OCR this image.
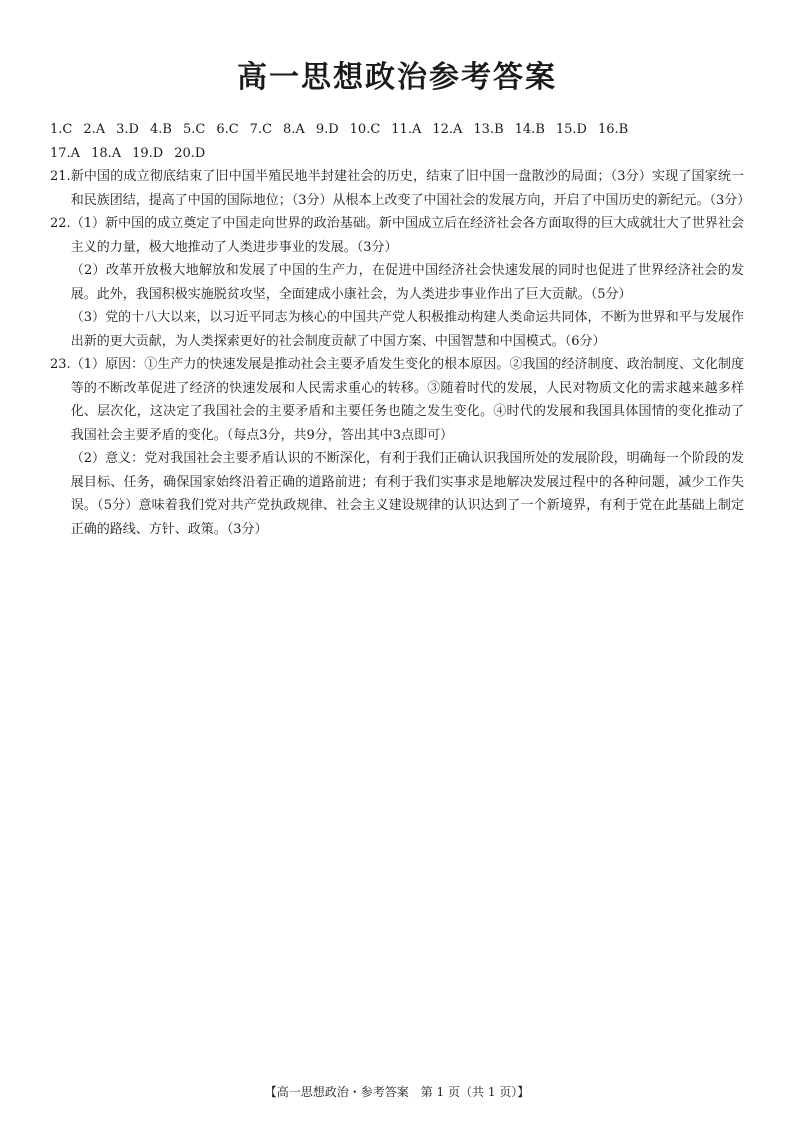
高一思想政治参考答案
1.C 2.A 3.D 4.B 5.C 6.C 7.C 8.A 9.D 10.C 11.A 12.A 13.B 14.B 15.D 16.B
17.A 18.A 19.D 20.D
21. 新中国的成立彻底结束了旧中国半殖民地半封建社会的历史，结束了旧中国一盘散沙的局面；（3分）实现了国家统一和民族团结，提高了中国的国际地位；（3分）从根本上改变了中国社会的发展方向，开启了中国历史的新纪元。（3分）

22. （1）新中国的成立奠定了中国走向世界的政治基础。新中国成立后在经济社会各方面取得的巨大成就壮大了世界社会主义的力量，极大地推动了人类进步事业的发展。（3分）

（2）改革开放极大地解放和发展了中国的生产力，在促进中国经济社会快速发展的同时也促进了世界经济社会的发展。此外，我国积极实施脱贫攻坚，全面建成小康社会，为人类进步事业作出了巨大贡献。（5分）

（3）党的十八大以来，以习近平同志为核心的中国共产党人积极推动构建人类命运共同体，不断为世界和平与发展作出新的更大贡献，为人类探索更好的社会制度贡献了中国方案、中国智慧和中国模式。（6分）

23. （1）原因：①生产力的快速发展是推动社会主要矛盾发生变化的根本原因。②我国的经济制度、政治制度、文化制度等的不断改革促进了经济的快速发展和人民需求重心的转移。③随着时代的发展，人民对物质文化的需求越来越多样化、层次化，这决定了我国社会的主要矛盾和主要任务也随之发生变化。④时代的发展和我国具体国情的变化推动了我国社会主要矛盾的变化。（每点3分，共9分，答出其中3点即可）

（2）意义：党对我国社会主要矛盾认识的不断深化，有利于我们正确认识我国所处的发展阶段，明确每一个阶段的发展目标、任务，确保国家始终沿着正确的道路前进；有利于我们实事求是地解决发展过程中的各种问题，减少工作失误。（5分）意味着我们党对共产党执政规律、社会主义建设规律的认识达到了一个新境界，有利于党在此基础上制定正确的路线、方针、政策。（3分）

【高一思想政治・参考答案　第 1 页（共 1 页）】
